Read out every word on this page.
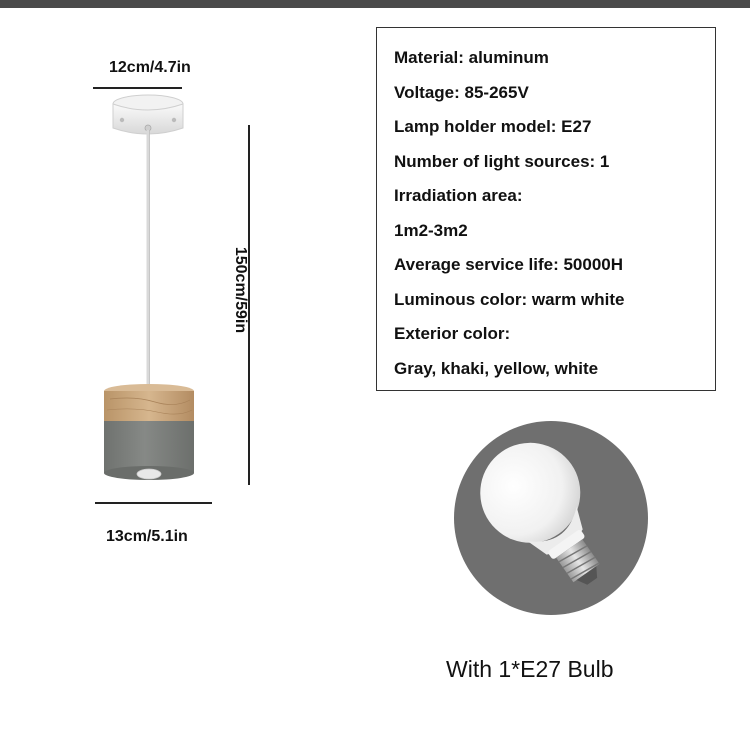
12cm/4.7in
150cm/59in
13cm/5.1in
Material: aluminum
Voltage: 85-265V
Lamp holder model: E27
Number of light sources: 1
Irradiation area:
1m2-3m2
Average service life: 50000H
Luminous color: warm white
Exterior color:
Gray, khaki, yellow, white
With 1*E27 Bulb
